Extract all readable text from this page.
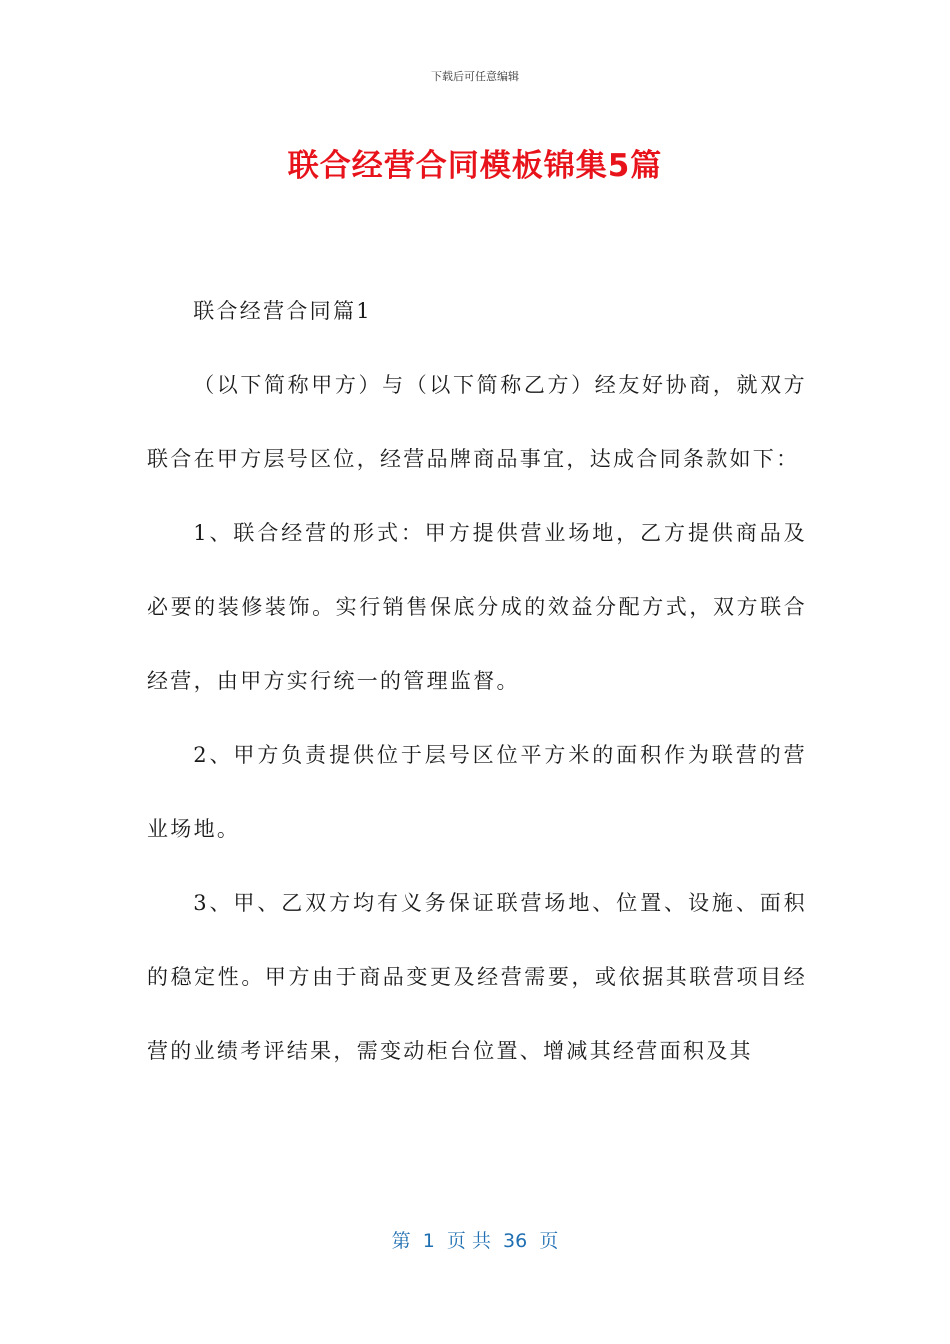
下载后可任意编辑
联合经营合同模板锦集5篇

联合经营合同篇1

（以下简称甲方）与（以下简称乙方）经友好协商，就双方联合在甲方层号区位，经营品牌商品事宜，达成合同条款如下：

1、联合经营的形式：甲方提供营业场地，乙方提供商品及必要的装修装饰。实行销售保底分成的效益分配方式，双方联合经营，由甲方实行统一的管理监督。

2、甲方负责提供位于层号区位平方米的面积作为联营的营业场地。

3、甲、乙双方均有义务保证联营场地、位置、设施、面积的稳定性。甲方由于商品变更及经营需要，或依据其联营项目经营的业绩考评结果，需变动柜台位置、增减其经营面积及其

第  1  页 共  36  页
